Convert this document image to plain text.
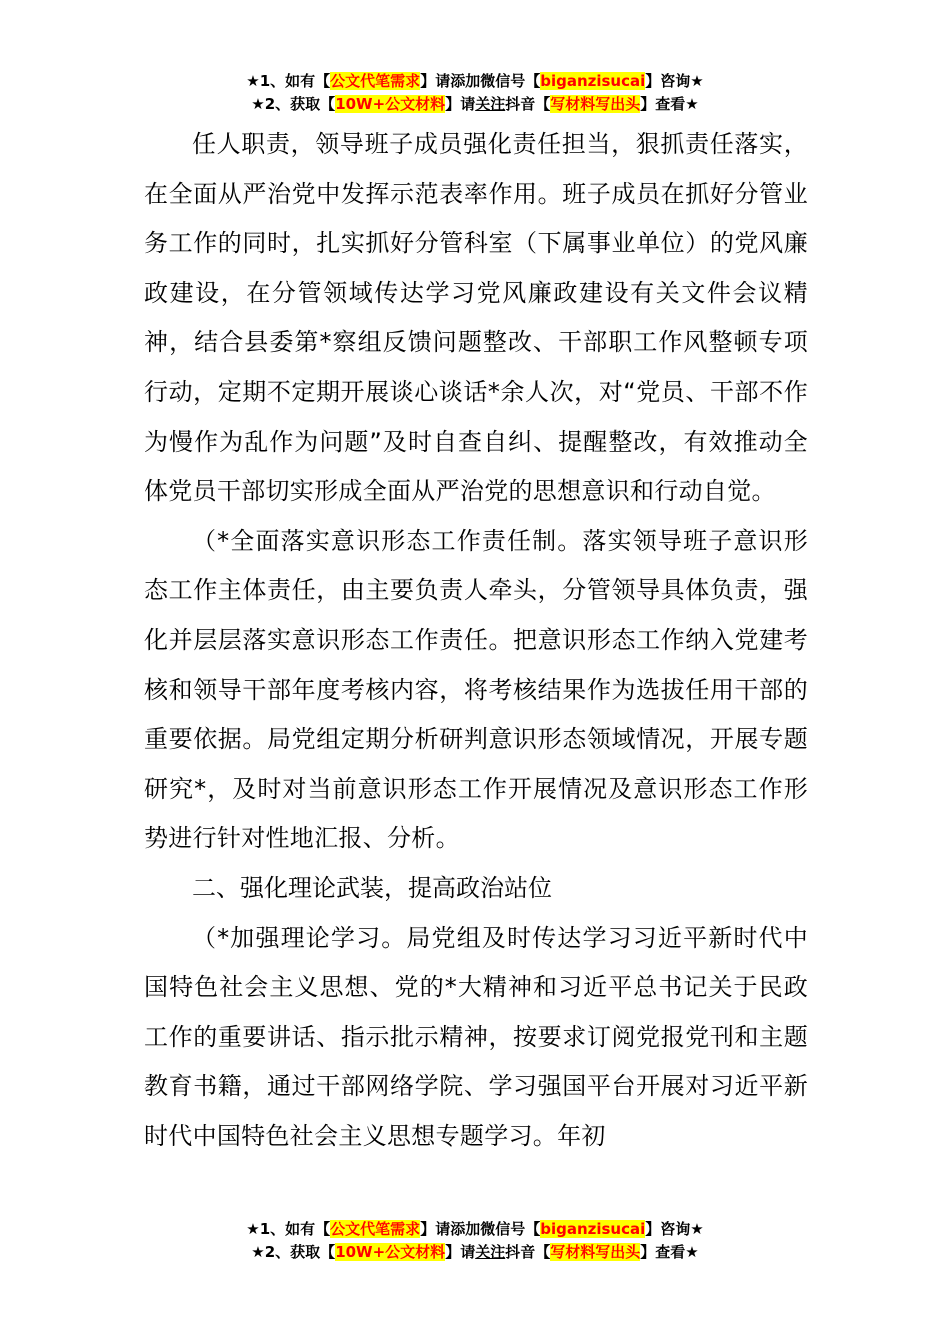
★1、如有【公文代笔需求】请添加微信号【biganzisucai】咨询★
★2、获取【10W+公文材料】请关注抖音【写材料写出头】查看★

任人职责，领导班子成员强化责任担当，狠抓责任落实，在全面从严治党中发挥示范表率作用。班子成员在抓好分管业务工作的同时，扎实抓好分管科室（下属事业单位）的党风廉政建设，在分管领域传达学习党风廉政建设有关文件会议精神，结合县委第*察组反馈问题整改、干部职工作风整顿专项行动，定期不定期开展谈心谈话*余人次，对“党员、干部不作为慢作为乱作为问题”及时自查自纠、提醒整改，有效推动全体党员干部切实形成全面从严治党的思想意识和行动自觉。

（*全面落实意识形态工作责任制。落实领导班子意识形态工作主体责任，由主要负责人牵头，分管领导具体负责，强化并层层落实意识形态工作责任。把意识形态工作纳入党建考核和领导干部年度考核内容，将考核结果作为选拔任用干部的重要依据。局党组定期分析研判意识形态领域情况，开展专题研究*，及时对当前意识形态工作开展情况及意识形态工作形势进行针对性地汇报、分析。

二、强化理论武装，提高政治站位

（*加强理论学习。局党组及时传达学习习近平新时代中国特色社会主义思想、党的*大精神和习近平总书记关于民政工作的重要讲话、指示批示精神，按要求订阅党报党刊和主题教育书籍，通过干部网络学院、学习强国平台开展对习近平新时代中国特色社会主义思想专题学习。年初

★1、如有【公文代笔需求】请添加微信号【biganzisucai】咨询★
★2、获取【10W+公文材料】请关注抖音【写材料写出头】查看★
